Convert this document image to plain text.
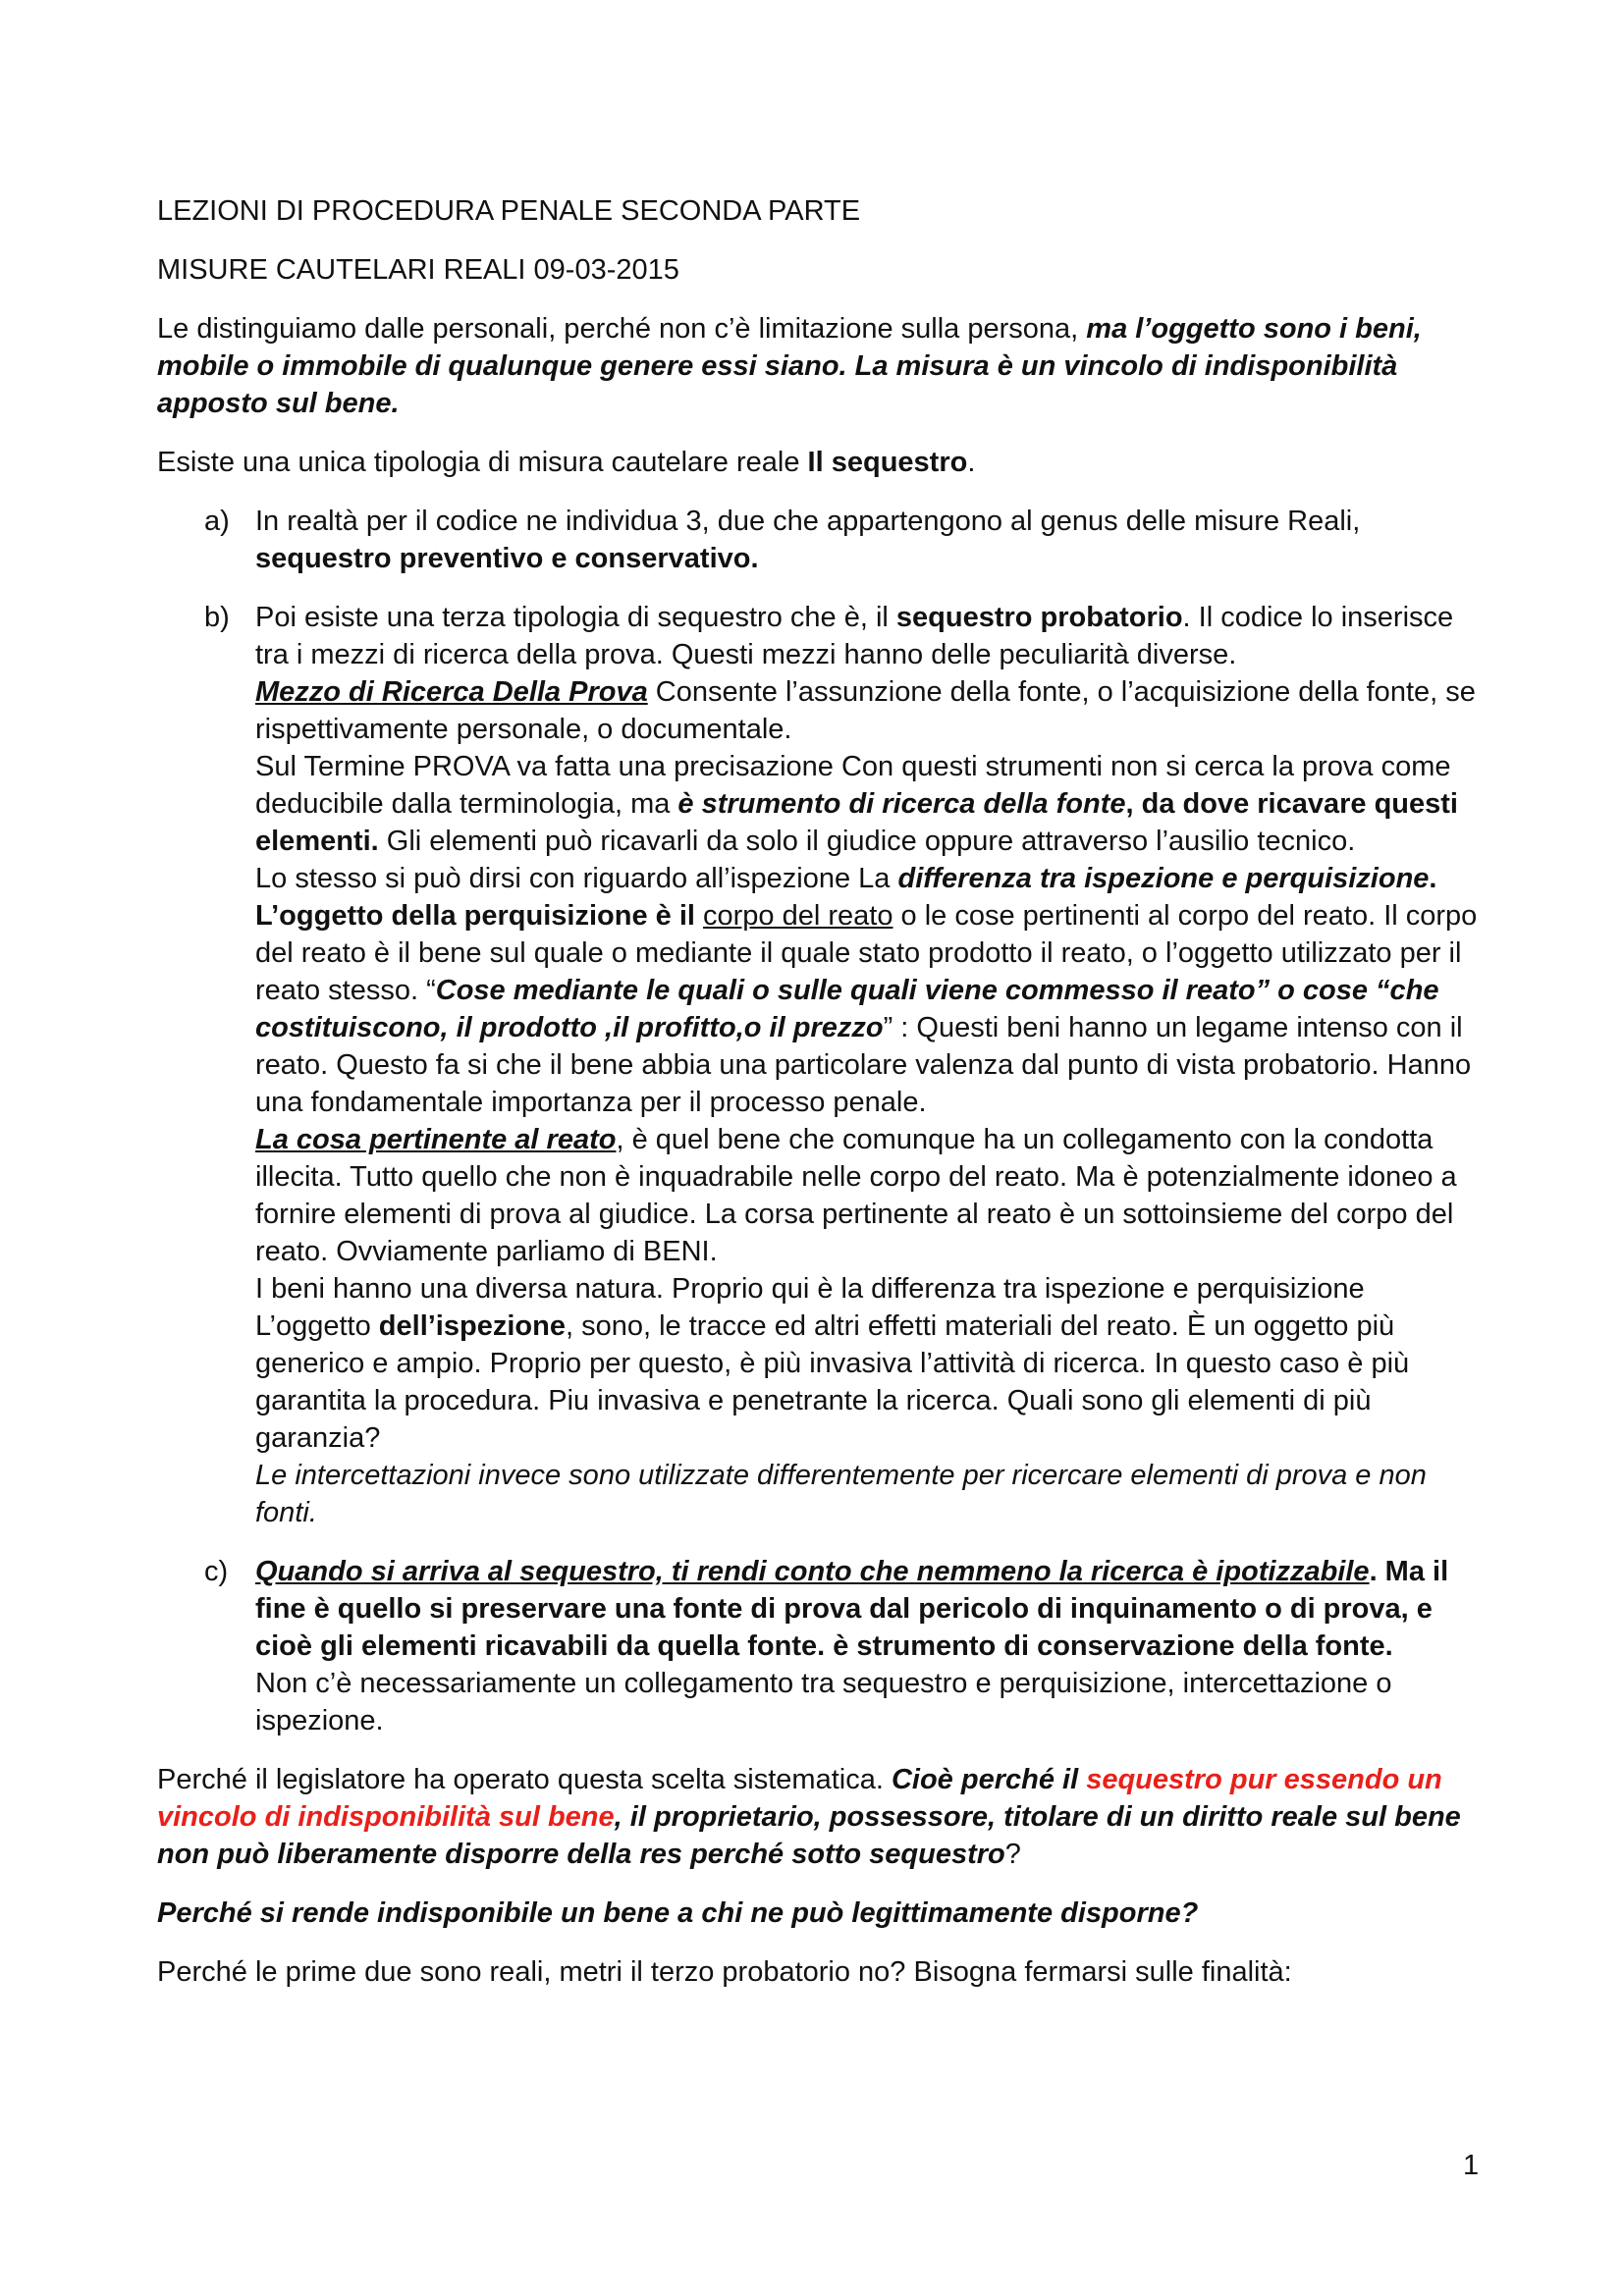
LEZIONI DI PROCEDURA PENALE SECONDA PARTE

MISURE CAUTELARI REALI 09-03-2015

Le distinguiamo dalle personali, perché non c’è limitazione sulla persona, ma l’oggetto sono i beni, mobile o immobile di qualunque genere essi siano. La misura è un vincolo di indisponibilità apposto sul bene.

Esiste una unica tipologia di misura cautelare reale Il sequestro.

a) In realtà per il codice ne individua 3, due che appartengono al genus delle misure Reali, sequestro preventivo e conservativo.
b) Poi esiste una terza tipologia di sequestro che è, il sequestro probatorio. Il codice lo inserisce tra i mezzi di ricerca della prova. Questi mezzi hanno delle peculiarità diverse.
Mezzo di Ricerca Della Prova Consente l’assunzione della fonte, o l’acquisizione della fonte, se rispettivamente personale, o documentale.
Sul Termine PROVA va fatta una precisazione Con questi strumenti non si cerca la prova come deducibile dalla terminologia, ma è strumento di ricerca della fonte, da dove ricavare questi elementi. Gli elementi può ricavarli da solo il giudice oppure attraverso l’ausilio tecnico.
Lo stesso si può dirsi con riguardo all’ispezione La differenza tra ispezione e perquisizione. L’oggetto della perquisizione è il corpo del reato o le cose pertinenti al corpo del reato. Il corpo del reato è il bene sul quale o mediante il quale stato prodotto il reato, o l’oggetto utilizzato per il reato stesso. “Cose mediante le quali o sulle quali viene commesso il reato” o cose “che costituiscono, il prodotto ,il profitto,o il prezzo” : Questi beni hanno un legame intenso con il reato. Questo fa si che il bene abbia una particolare valenza dal punto di vista probatorio. Hanno una fondamentale importanza per il processo penale.
La cosa pertinente al reato, è quel bene che comunque ha un collegamento con la condotta illecita. Tutto quello che non è inquadrabile nelle corpo del reato. Ma è potenzialmente idoneo a fornire elementi di prova al giudice. La corsa pertinente al reato è un sottoinsieme del corpo del reato. Ovviamente parliamo di BENI.
I beni hanno una diversa natura. Proprio qui è la differenza tra ispezione e perquisizione L’oggetto dell’ispezione, sono, le tracce ed altri effetti materiali del reato. È un oggetto più generico e ampio. Proprio per questo, è più invasiva l’attività di ricerca. In questo caso è più garantita la procedura. Piu invasiva e penetrante la ricerca. Quali sono gli elementi di più garanzia?
Le intercettazioni invece sono utilizzate differentemente per ricercare elementi di prova e non fonti.
c) Quando si arriva al sequestro, ti rendi conto che nemmeno la ricerca è ipotizzabile. Ma il fine è quello si preservare una fonte di prova dal pericolo di inquinamento o di prova, e cioè gli elementi ricavabili da quella fonte. è strumento di conservazione della fonte.
Non c’è necessariamente un collegamento tra sequestro e perquisizione, intercettazione o ispezione.

Perché il legislatore ha operato questa scelta sistematica. Cioè perché il sequestro pur essendo un vincolo di indisponibilità sul bene, il proprietario, possessore, titolare di un diritto reale sul bene non può liberamente disporre della res perché sotto sequestro?

Perché si rende indisponibile un bene a chi ne può legittimamente disporne?

Perché le prime due sono reali, metri il terzo probatorio no? Bisogna fermarsi sulle finalità:

1
